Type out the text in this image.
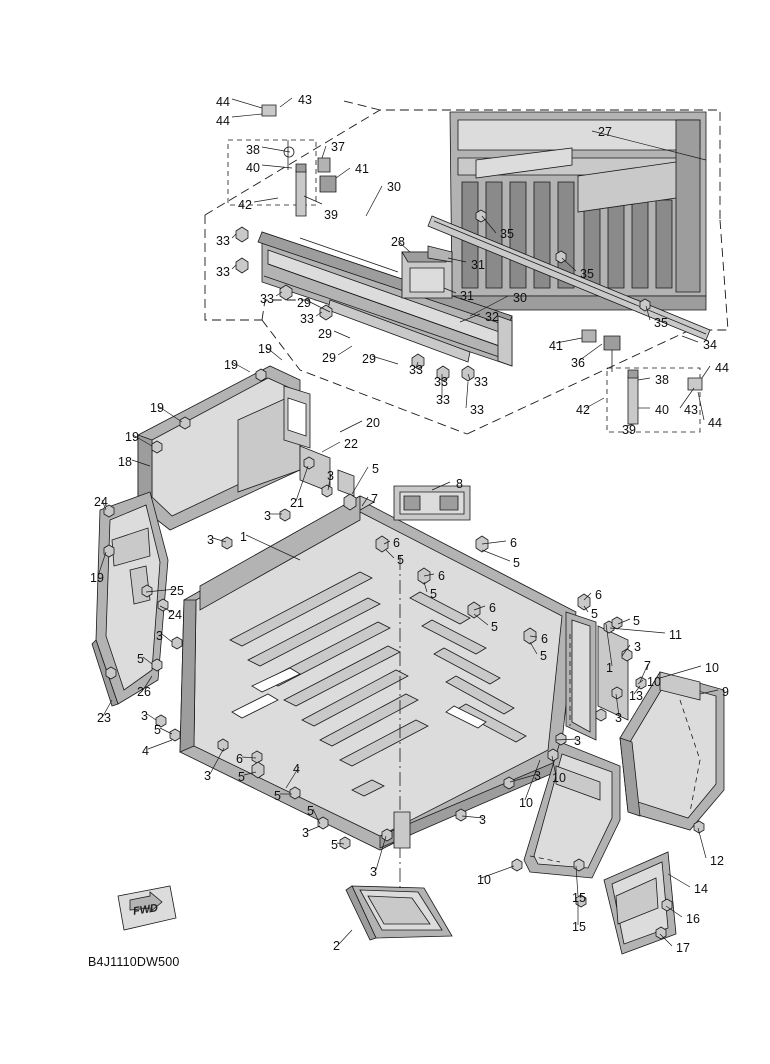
44	43
44
27
38	37
40	41
30
42
39
35
33	28
33	31
35
31
33	30
29
32
33	35
29
34
41
29	36	44
19
19
29
33
38
33 33
42	40 43
44
19
33
33
20	39
19	22
18
3	5
24	21	7
8
3
1	6	6
19
3
5	5
6
25	5	6
24	6	5
3
5	5
6
3
11
5	5
7	10
26
1
10
13	9
23 3	3
5
4
3
6
3 5
4	3 10
10
5
5
3
12
3
5
10
14
3
15
16
2
15
17
B4J1110DW500
FWD
